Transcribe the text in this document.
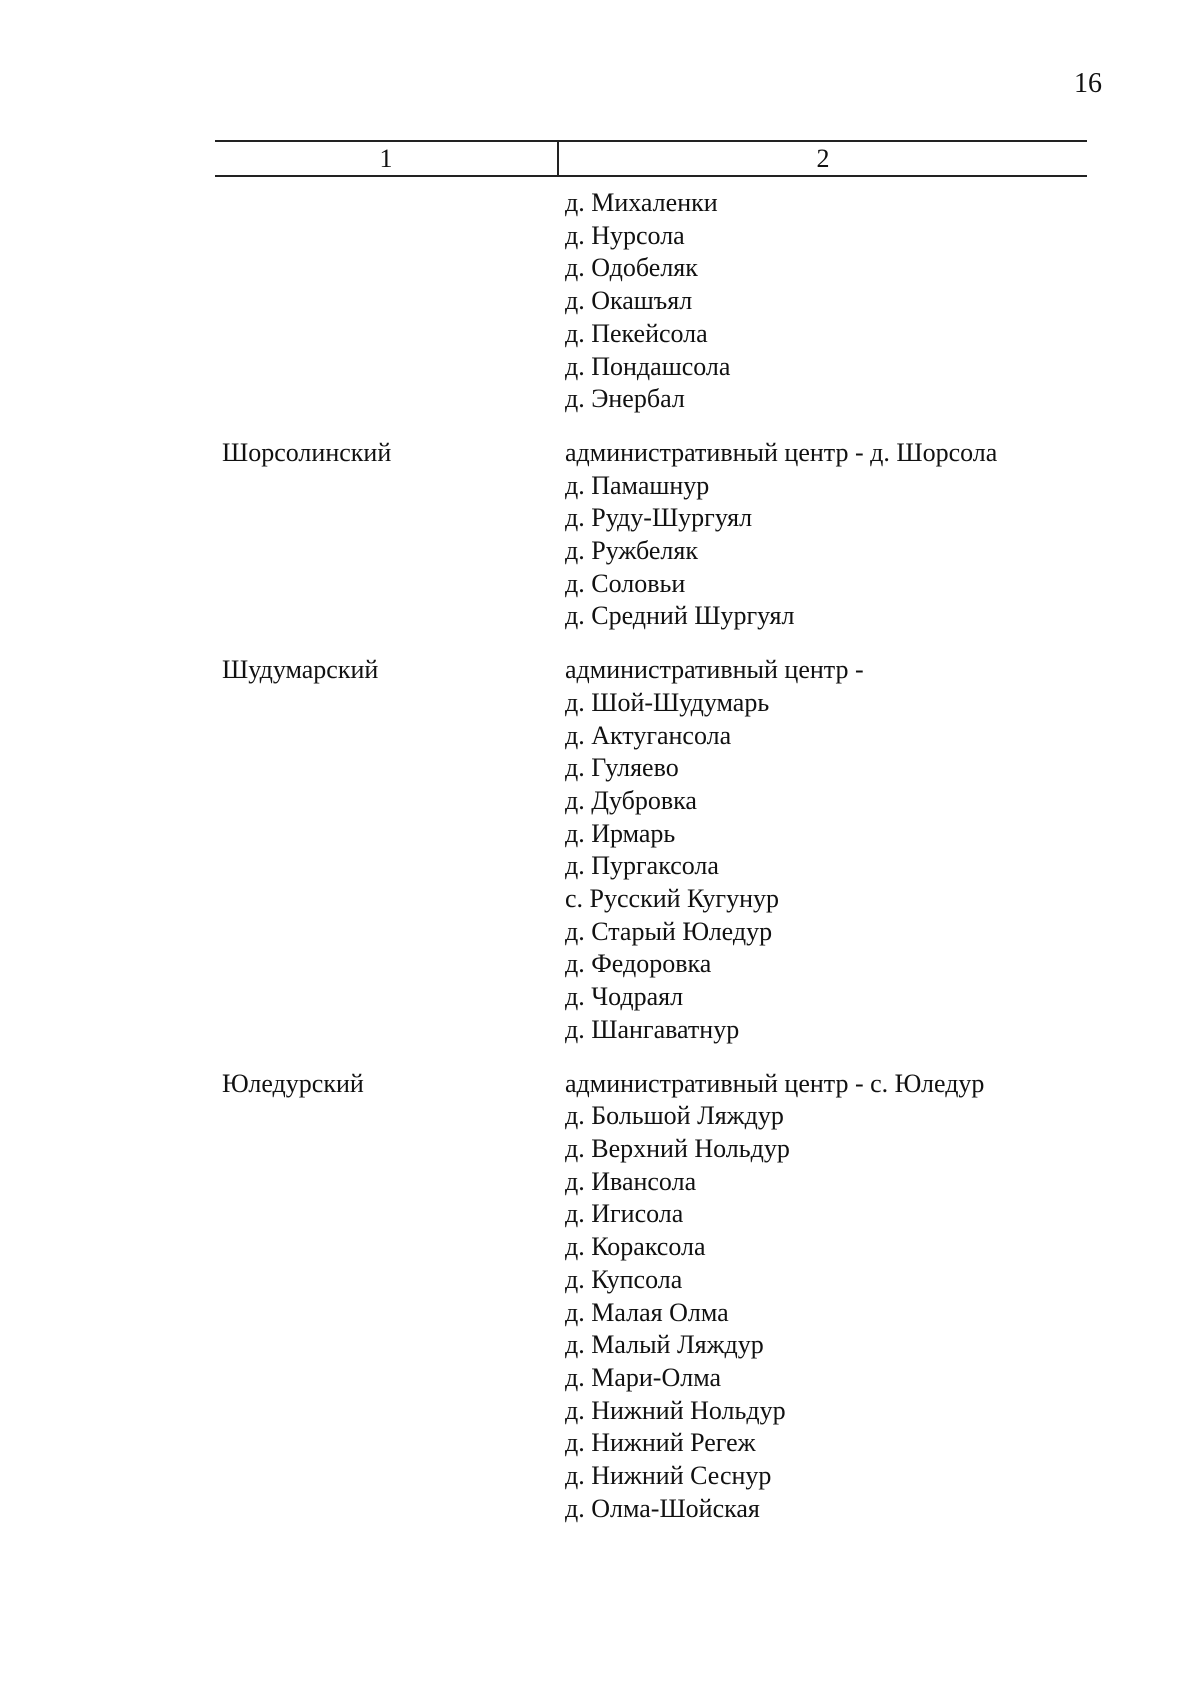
16
1	2
д. Михаленки
д. Нурсола
д. Одобеляк
д. Окашъял
д. Пекейсола
д. Пондашсола
д. Энербал
Шорсолинский	административный центр - д. Шорсола
д. Памашнур
д. Руду-Шургуял
д. Ружбеляк
д. Соловьи
д. Средний Шургуял
Шудумарский	административный центр -
д. Шой-Шудумарь
д. Актугансола
д. Гуляево
д. Дубровка
д. Ирмарь
д. Пургаксола
с. Русский Кугунур
д. Старый Юледур
д. Федоровка
д. Чодраял
д. Шангаватнур
Юледурский	административный центр - с. Юледур
д. Большой Ляждур
д. Верхний Нольдур
д. Ивансола
д. Игисола
д. Кораксола
д. Купсола
д. Малая Олма
д. Малый Ляждур
д. Мари-Олма
д. Нижний Нольдур
д. Нижний Регеж
д. Нижний Сеснур
д. Олма-Шойская
